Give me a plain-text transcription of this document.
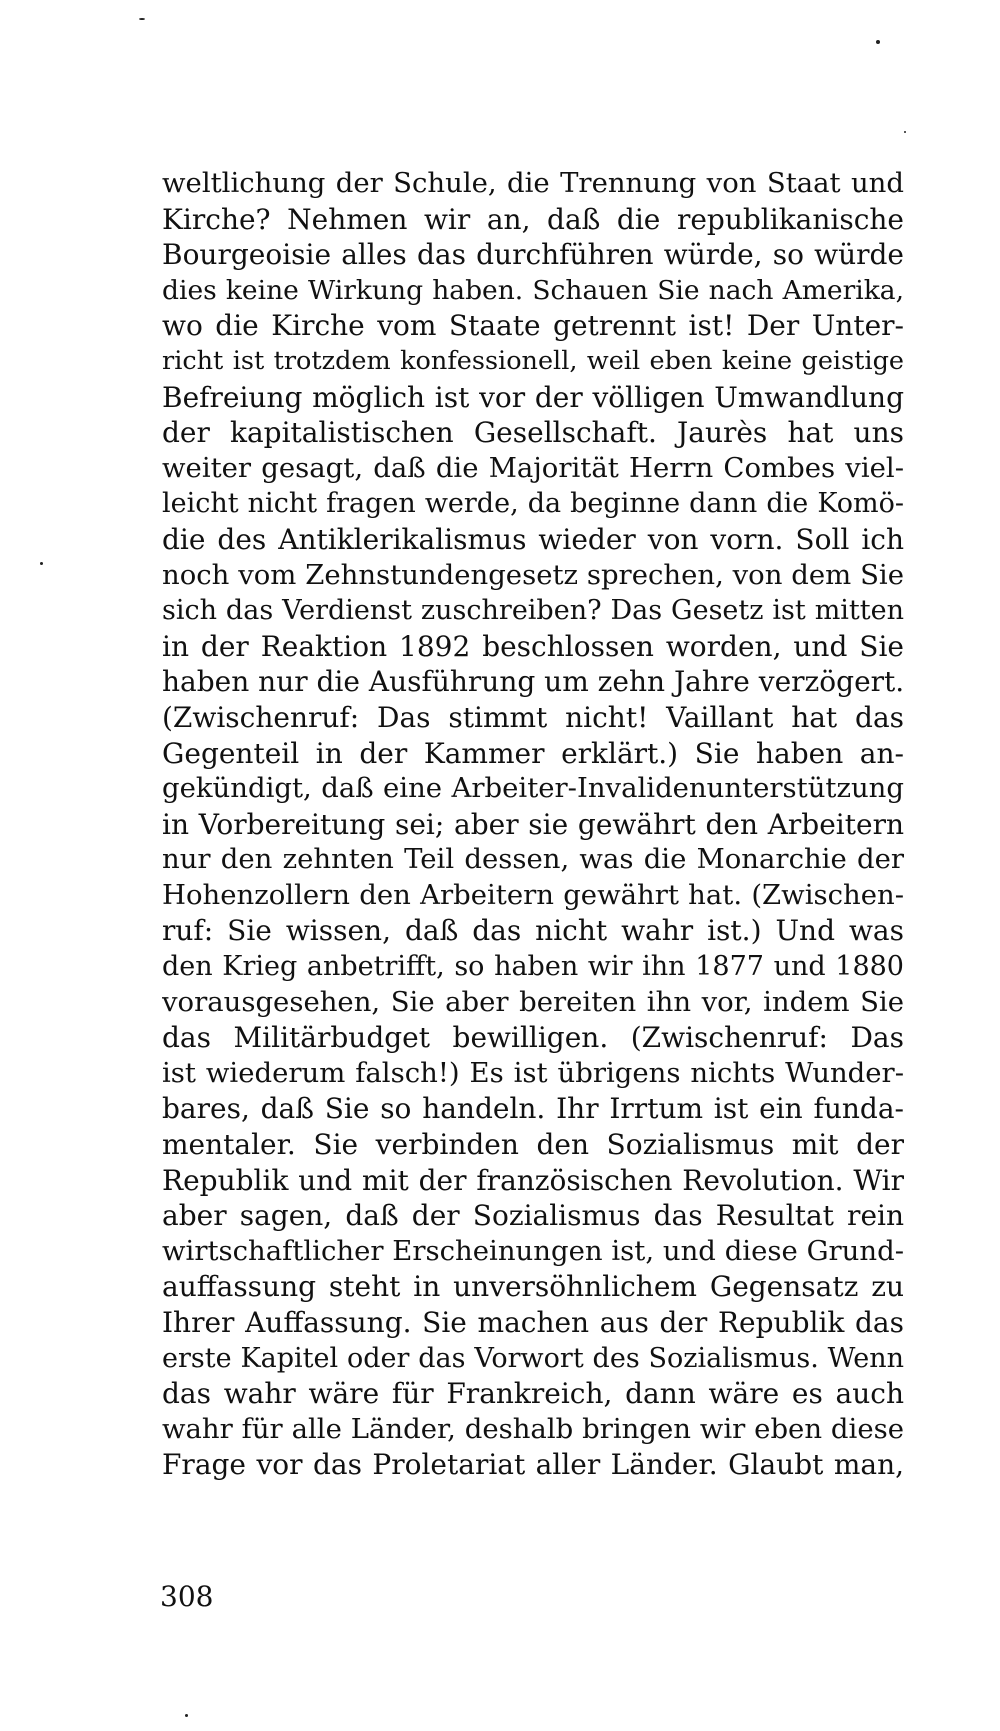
weltlichung der Schule, die Trennung von Staat und
Kirche? Nehmen wir an, daß die republikanische
Bourgeoisie alles das durchführen würde, so würde
dies keine Wirkung haben. Schauen Sie nach Amerika,
wo die Kirche vom Staate getrennt ist! Der Unter-
richt ist trotzdem konfessionell, weil eben keine geistige
Befreiung möglich ist vor der völligen Umwandlung
der kapitalistischen Gesellschaft. Jaurès hat uns
weiter gesagt, daß die Majorität Herrn Combes viel-
leicht nicht fragen werde, da beginne dann die Komö-
die des Antiklerikalismus wieder von vorn. Soll ich
noch vom Zehnstundengesetz sprechen, von dem Sie
sich das Verdienst zuschreiben? Das Gesetz ist mitten
in der Reaktion 1892 beschlossen worden, und Sie
haben nur die Ausführung um zehn Jahre verzögert.
(Zwischenruf: Das stimmt nicht! Vaillant hat das
Gegenteil in der Kammer erklärt.) Sie haben an-
gekündigt, daß eine Arbeiter-Invalidenunterstützung
in Vorbereitung sei; aber sie gewährt den Arbeitern
nur den zehnten Teil dessen, was die Monarchie der
Hohenzollern den Arbeitern gewährt hat. (Zwischen-
ruf: Sie wissen, daß das nicht wahr ist.) Und was
den Krieg anbetrifft, so haben wir ihn 1877 und 1880
vorausgesehen, Sie aber bereiten ihn vor, indem Sie
das Militärbudget bewilligen. (Zwischenruf: Das
ist wiederum falsch!) Es ist übrigens nichts Wunder-
bares, daß Sie so handeln. Ihr Irrtum ist ein funda-
mentaler. Sie verbinden den Sozialismus mit der
Republik und mit der französischen Revolution. Wir
aber sagen, daß der Sozialismus das Resultat rein
wirtschaftlicher Erscheinungen ist, und diese Grund-
auffassung steht in unversöhnlichem Gegensatz zu
Ihrer Auffassung. Sie machen aus der Republik das
erste Kapitel oder das Vorwort des Sozialismus. Wenn
das wahr wäre für Frankreich, dann wäre es auch
wahr für alle Länder, deshalb bringen wir eben diese
Frage vor das Proletariat aller Länder. Glaubt man,
308
